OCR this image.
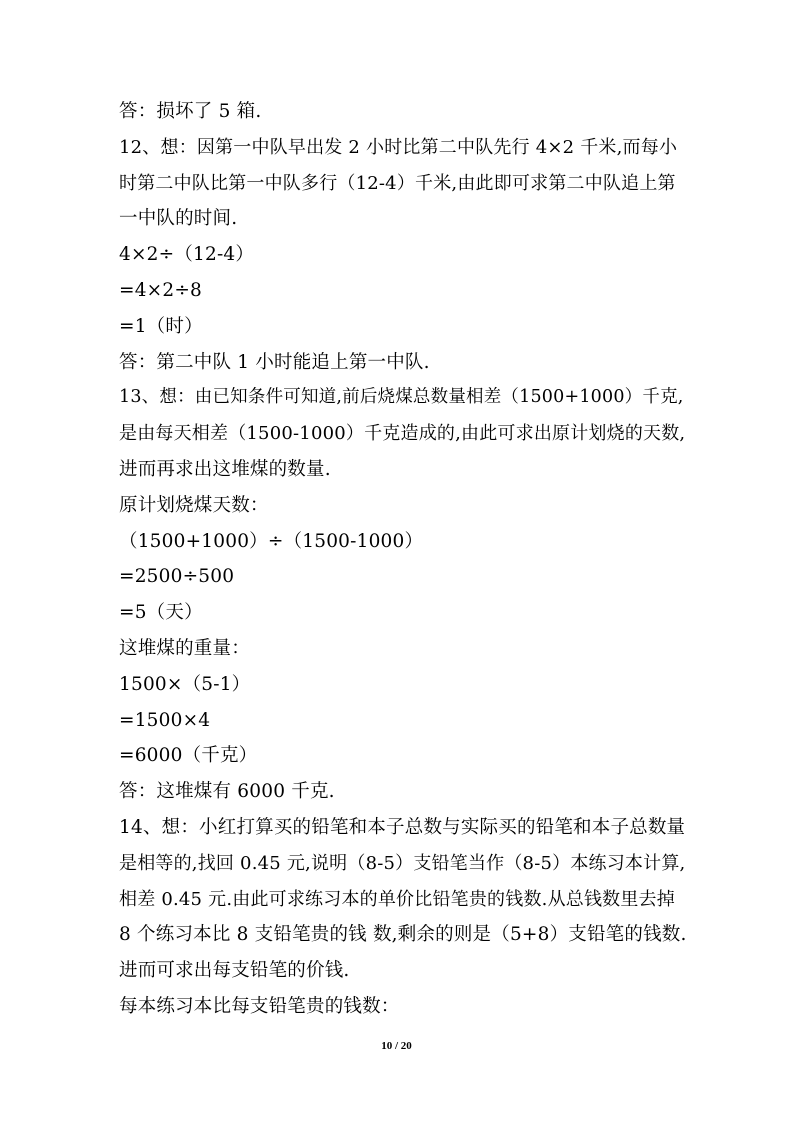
答：损坏了 5 箱.
12、想：因第一中队早出发 2 小时比第二中队先行 4×2 千米,而每小
时第二中队比第一中队多行（12-4）千米,由此即可求第二中队追上第
一中队的时间.
4×2÷（12-4）
=4×2÷8
=1（时）
答：第二中队 1 小时能追上第一中队.
13、想：由已知条件可知道,前后烧煤总数量相差（1500+1000）千克,
是由每天相差（1500-1000）千克造成的,由此可求出原计划烧的天数,
进而再求出这堆煤的数量.
原计划烧煤天数：
（1500+1000）÷（1500-1000）
=2500÷500
=5（天）
这堆煤的重量：
1500×（5-1）
=1500×4
=6000（千克）
答：这堆煤有 6000 千克.
14、想：小红打算买的铅笔和本子总数与实际买的铅笔和本子总数量
是相等的,找回 0.45 元,说明（8-5）支铅笔当作（8-5）本练习本计算,
相差 0.45 元.由此可求练习本的单价比铅笔贵的钱数.从总钱数里去掉
8 个练习本比 8 支铅笔贵的钱 数,剩余的则是（5+8）支铅笔的钱数.
进而可求出每支铅笔的价钱.
每本练习本比每支铅笔贵的钱数：
10 / 20
